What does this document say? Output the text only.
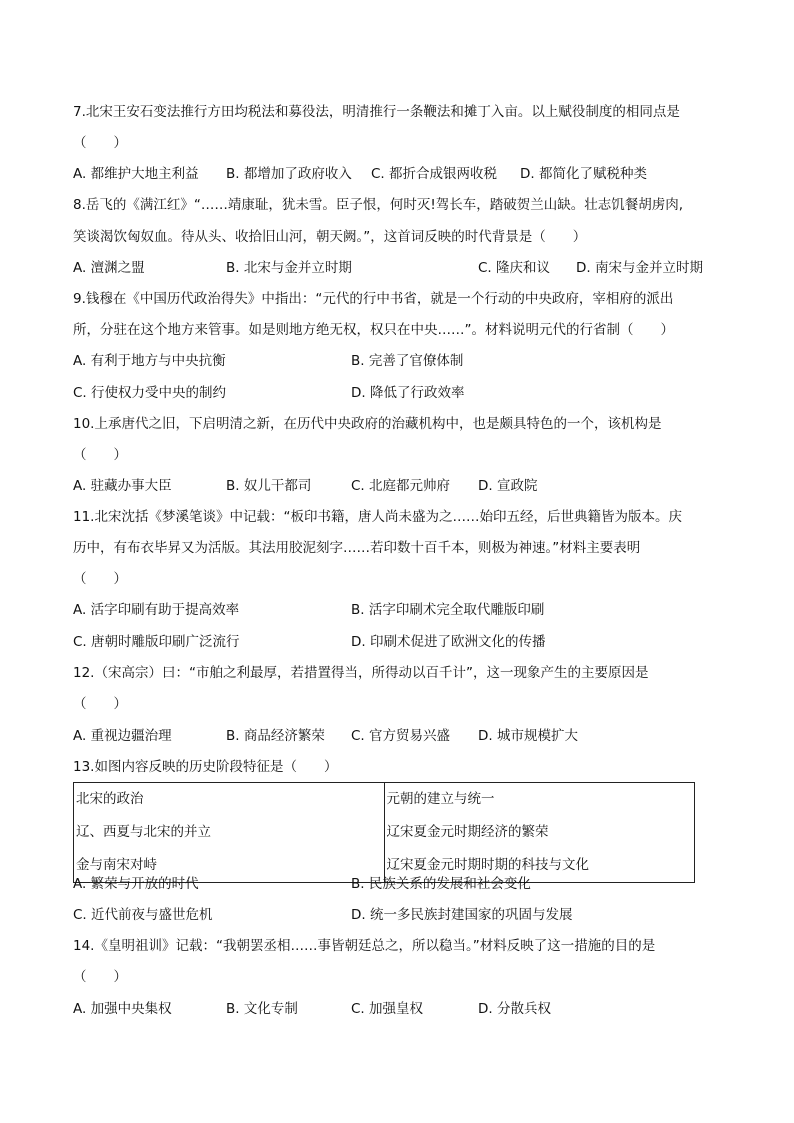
7.北宋王安石变法推行方田均税法和募役法，明清推行一条鞭法和摊丁入亩。以上赋役制度的相同点是
（　　）
A. 都维护大地主利益 B. 都增加了政府收入 C. 都折合成银两收税 D. 都简化了赋税种类
8.岳飞的《满江红》“……靖康耻，犹未雪。臣子恨，何时灭!驾长车，踏破贺兰山缺。壮志饥餐胡虏肉,
笑谈渴饮匈奴血。待从头、收拾旧山河，朝天阙。”，这首词反映的时代背景是（　　）
A. 澶渊之盟	B. 北宋与金并立时期	C. 隆庆和议 D. 南宋与金并立时期
9.钱穆在《中国历代政治得失》中指出：“元代的行中书省，就是一个行动的中央政府，宰相府的派出
所，分驻在这个地方来管事。如是则地方绝无权，权只在中央……”。材料说明元代的行省制（　　）
A. 有利于地方与中央抗衡	B. 完善了官僚体制
C. 行使权力受中央的制约	D. 降低了行政效率
10.上承唐代之旧，下启明清之新，在历代中央政府的治藏机构中，也是颇具特色的一个，该机构是
（　　）
A. 驻藏办事大臣	B. 奴儿干都司	C. 北庭都元帅府 D. 宣政院
11.北宋沈括《梦溪笔谈》中记载：“板印书籍，唐人尚未盛为之……始印五经，后世典籍皆为版本。庆
历中，有布衣毕昇又为活版。其法用胶泥刻字……若印数十百千本，则极为神速。”材料主要表明
（　　）
A. 活字印刷有助于提高效率	B. 活字印刷术完全取代雕版印刷
C. 唐朝时雕版印刷广泛流行	D. 印刷术促进了欧洲文化的传播
12.（宋高宗）曰：“市舶之利最厚，若措置得当，所得动以百千计”，这一现象产生的主要原因是
（　　）
A. 重视边疆治理	B. 商品经济繁荣 C. 官方贸易兴盛 D. 城市规模扩大
13.如图内容反映的历史阶段特征是（　　）
北宋的政治	元朝的建立与统一
辽、西夏与北宋的并立	辽宋夏金元时期经济的繁荣
金与南宋对峙	辽宋夏金元时期时期的科技与文化
A. 繁荣与开放的时代	B. 民族关系的发展和社会变化
C. 近代前夜与盛世危机	D. 统一多民族封建国家的巩固与发展
14.《皇明祖训》记载：“我朝罢丞相……事皆朝廷总之，所以稳当。”材料反映了这一措施的目的是
（　　）
A. 加强中央集权	B. 文化专制	C. 加强皇权	D. 分散兵权
